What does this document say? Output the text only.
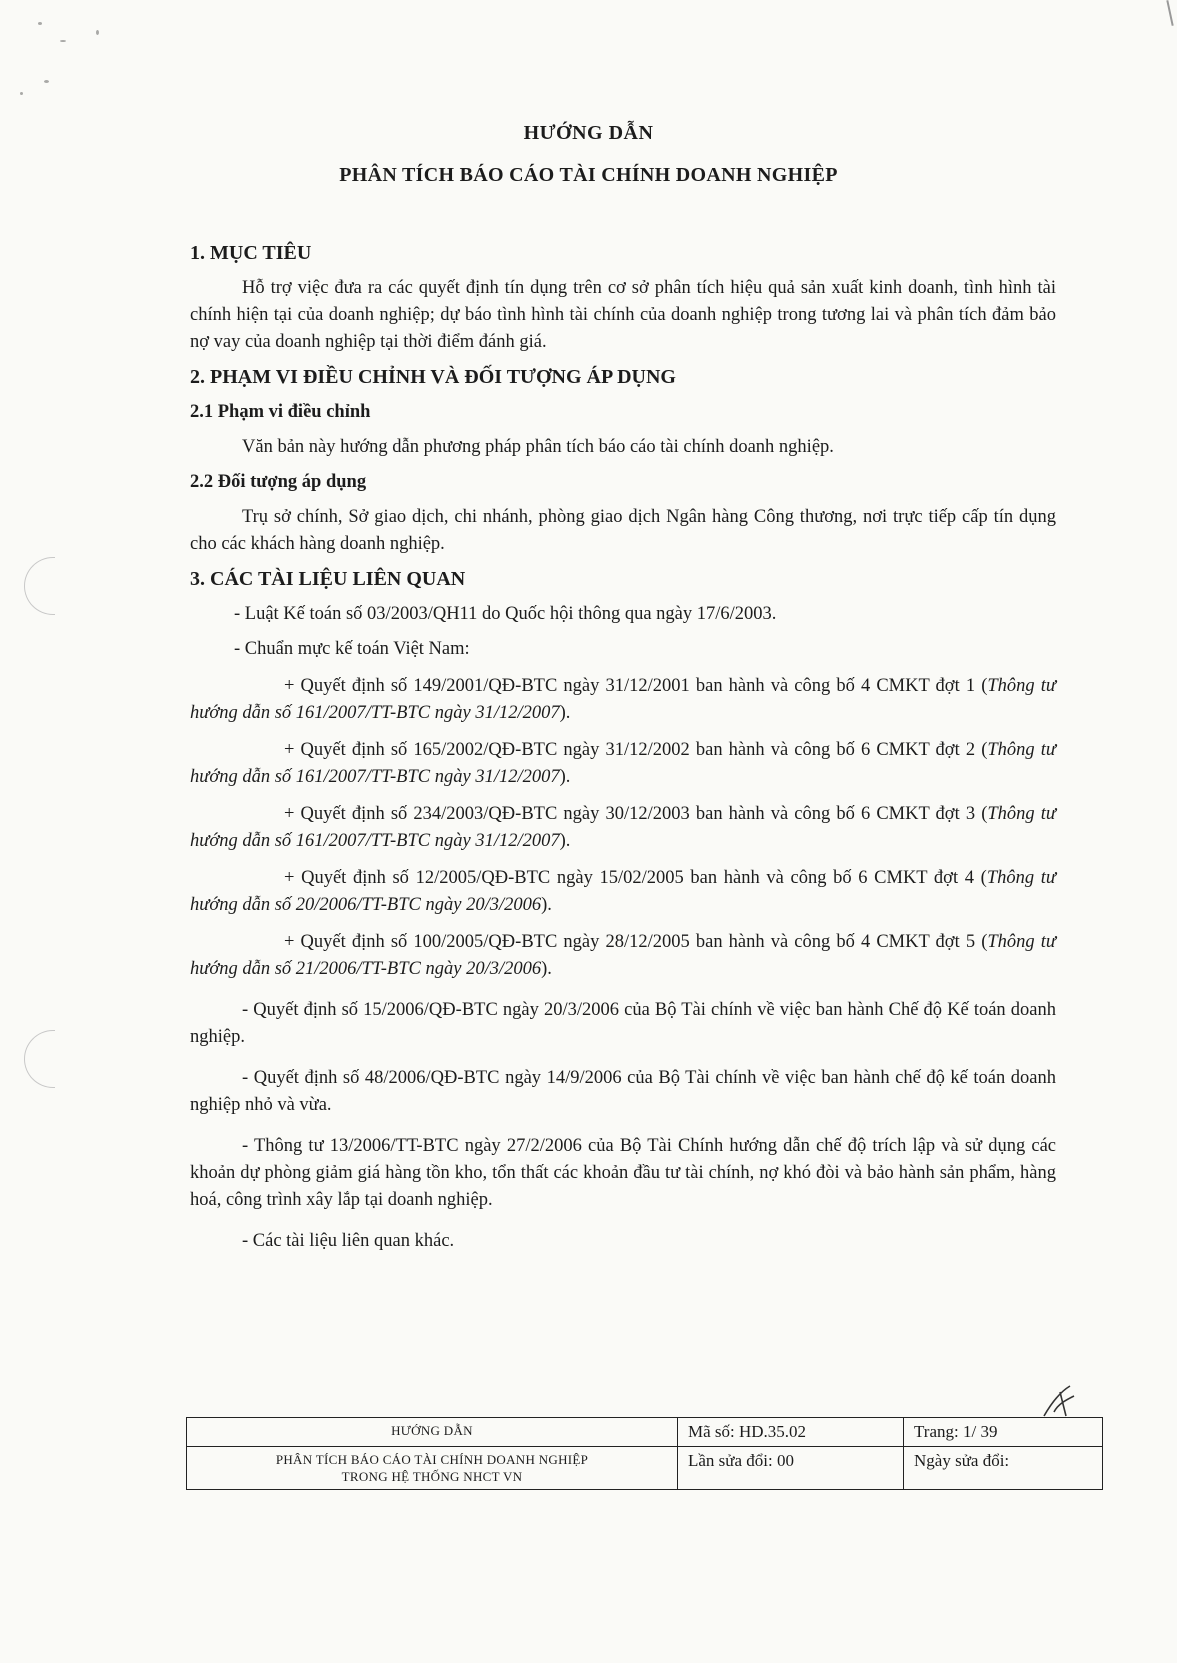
HƯỚNG DẪN
PHÂN TÍCH BÁO CÁO TÀI CHÍNH DOANH NGHIỆP

1. MỤC TIÊU

Hỗ trợ việc đưa ra các quyết định tín dụng trên cơ sở phân tích hiệu quả sản xuất kinh doanh, tình hình tài chính hiện tại của doanh nghiệp; dự báo tình hình tài chính của doanh nghiệp trong tương lai và phân tích đảm bảo nợ vay của doanh nghiệp tại thời điểm đánh giá.

2. PHẠM VI ĐIỀU CHỈNH VÀ ĐỐI TƯỢNG ÁP DỤNG

2.1 Phạm vi điều chỉnh

Văn bản này hướng dẫn phương pháp phân tích báo cáo tài chính doanh nghiệp.

2.2 Đối tượng áp dụng

Trụ sở chính, Sở giao dịch, chi nhánh, phòng giao dịch Ngân hàng Công thương, nơi trực tiếp cấp tín dụng cho các khách hàng doanh nghiệp.

3. CÁC TÀI LIỆU LIÊN QUAN

- Luật Kế toán số 03/2003/QH11 do Quốc hội thông qua ngày 17/6/2003.

- Chuẩn mực kế toán Việt Nam:

+ Quyết định số 149/2001/QĐ-BTC ngày 31/12/2001 ban hành và công bố 4 CMKT đợt 1 (Thông tư hướng dẫn số 161/2007/TT-BTC ngày 31/12/2007).

+ Quyết định số 165/2002/QĐ-BTC ngày 31/12/2002 ban hành và công bố 6 CMKT đợt 2 (Thông tư hướng dẫn số 161/2007/TT-BTC ngày 31/12/2007).

+ Quyết định số 234/2003/QĐ-BTC ngày 30/12/2003 ban hành và công bố 6 CMKT đợt 3 (Thông tư hướng dẫn số 161/2007/TT-BTC ngày 31/12/2007).

+ Quyết định số 12/2005/QĐ-BTC ngày 15/02/2005 ban hành và công bố 6 CMKT đợt 4 (Thông tư hướng dẫn số 20/2006/TT-BTC ngày 20/3/2006).

+ Quyết định số 100/2005/QĐ-BTC ngày 28/12/2005 ban hành và công bố 4 CMKT đợt 5 (Thông tư hướng dẫn số 21/2006/TT-BTC ngày 20/3/2006).

- Quyết định số 15/2006/QĐ-BTC ngày 20/3/2006 của Bộ Tài chính về việc ban hành Chế độ Kế toán doanh nghiệp.

- Quyết định số 48/2006/QĐ-BTC ngày 14/9/2006 của Bộ Tài chính về việc ban hành chế độ kế toán doanh nghiệp nhỏ và vừa.

- Thông tư 13/2006/TT-BTC ngày 27/2/2006 của Bộ Tài Chính hướng dẫn chế độ trích lập và sử dụng các khoản dự phòng giảm giá hàng tồn kho, tổn thất các khoản đầu tư tài chính, nợ khó đòi và bảo hành sản phẩm, hàng hoá, công trình xây lắp tại doanh nghiệp.

- Các tài liệu liên quan khác.

HƯỚNG DẪN	Mã số: HD.35.02	Trang: 1/ 39

PHÂN TÍCH BÁO CÁO TÀI CHÍNH DOANH NGHIỆP
TRONG HỆ THỐNG NHCT VN	Lần sửa đổi: 00	Ngày sửa đổi:
